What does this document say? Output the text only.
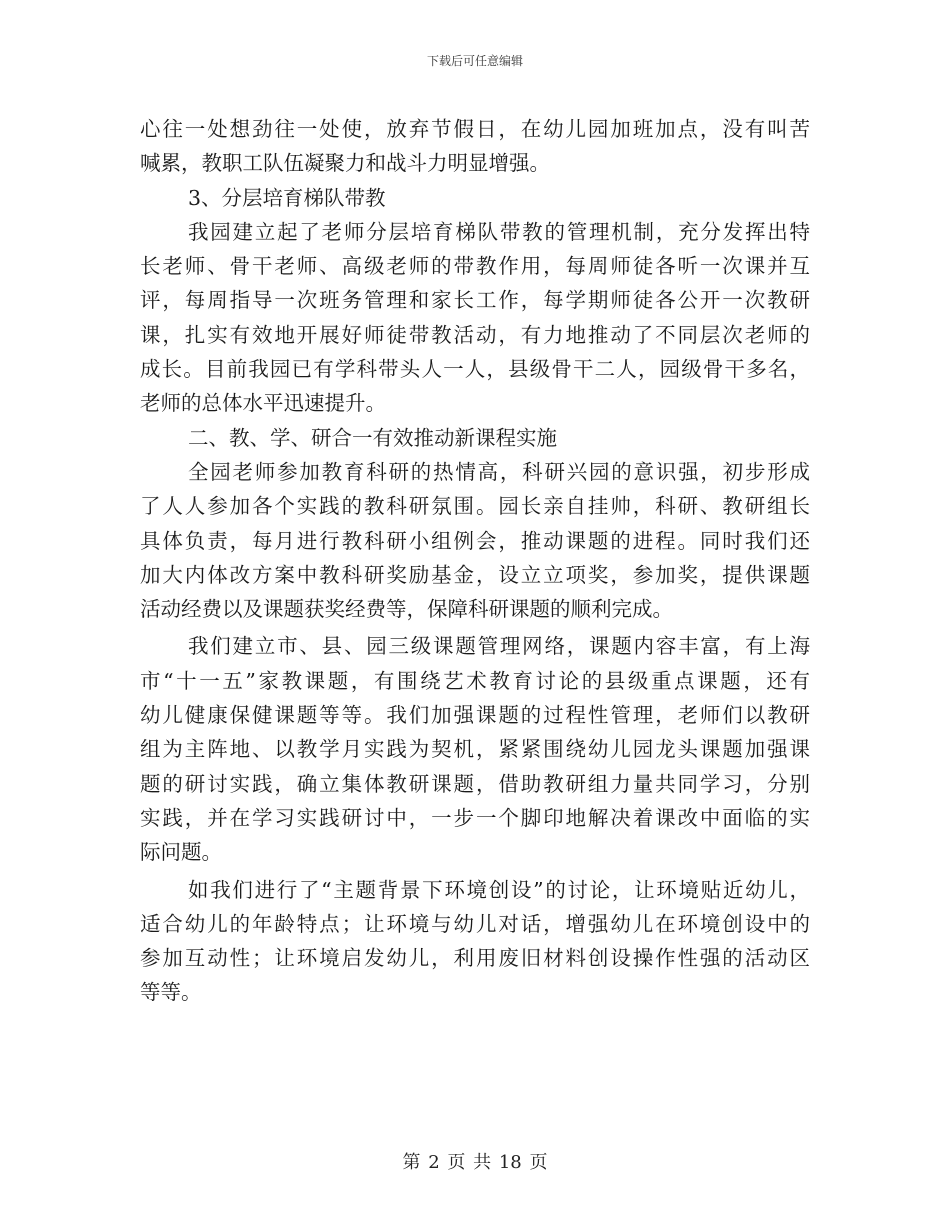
下载后可任意编辑
心往一处想劲往一处使，放弃节假日，在幼儿园加班加点，没有叫苦
喊累，教职工队伍凝聚力和战斗力明显增强。
3、分层培育梯队带教
我园建立起了老师分层培育梯队带教的管理机制，充分发挥出特
长老师、骨干老师、高级老师的带教作用，每周师徒各听一次课并互
评，每周指导一次班务管理和家长工作，每学期师徒各公开一次教研
课，扎实有效地开展好师徒带教活动，有力地推动了不同层次老师的
成长。目前我园已有学科带头人一人，县级骨干二人，园级骨干多名，
老师的总体水平迅速提升。
二、教、学、研合一有效推动新课程实施
全园老师参加教育科研的热情高，科研兴园的意识强，初步形成
了人人参加各个实践的教科研氛围。园长亲自挂帅，科研、教研组长
具体负责，每月进行教科研小组例会，推动课题的进程。同时我们还
加大内体改方案中教科研奖励基金，设立立项奖，参加奖，提供课题
活动经费以及课题获奖经费等，保障科研课题的顺利完成。
我们建立市、县、园三级课题管理网络，课题内容丰富，有上海
市“十一五”家教课题，有围绕艺术教育讨论的县级重点课题，还有
幼儿健康保健课题等等。我们加强课题的过程性管理，老师们以教研
组为主阵地、以教学月实践为契机，紧紧围绕幼儿园龙头课题加强课
题的研讨实践，确立集体教研课题，借助教研组力量共同学习，分别
实践，并在学习实践研讨中，一步一个脚印地解决着课改中面临的实
际问题。
如我们进行了“主题背景下环境创设”的讨论，让环境贴近幼儿，
适合幼儿的年龄特点；让环境与幼儿对话，增强幼儿在环境创设中的
参加互动性；让环境启发幼儿，利用废旧材料创设操作性强的活动区
等等。
第 2 页 共 18 页
